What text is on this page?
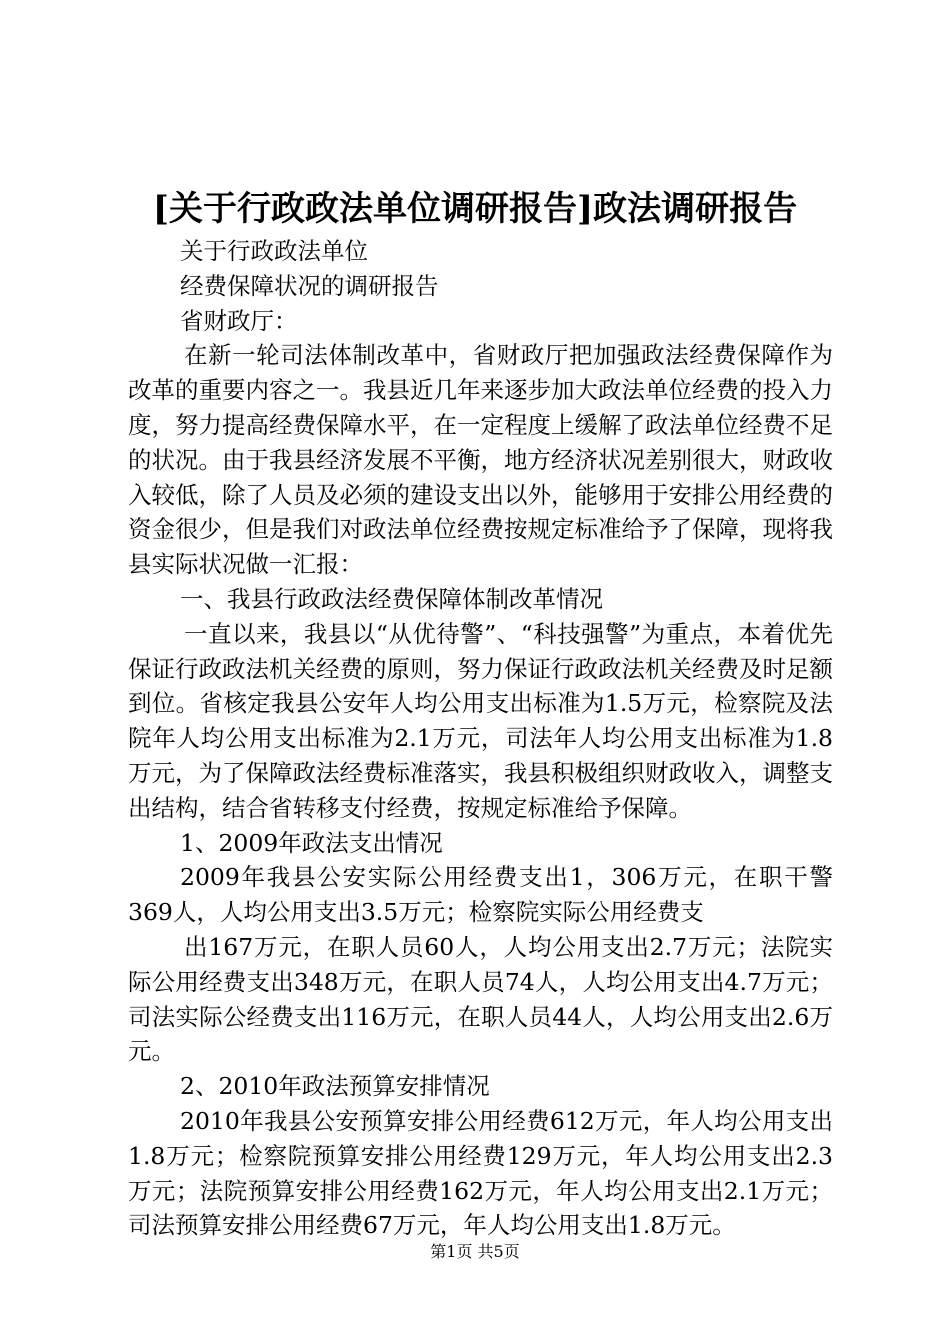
[关于行政政法单位调研报告]政法调研报告

关于行政政法单位

经费保障状况的调研报告

省财政厅：

在新一轮司法体制改革中，省财政厅把加强政法经费保障作为改革的重要内容之一。我县近几年来逐步加大政法单位经费的投入力度，努力提高经费保障水平，在一定程度上缓解了政法单位经费不足的状况。由于我县经济发展不平衡，地方经济状况差别很大，财政收入较低，除了人员及必须的建设支出以外，能够用于安排公用经费的资金很少，但是我们对政法单位经费按规定标准给予了保障，现将我县实际状况做一汇报：

一、我县行政政法经费保障体制改革情况

一直以来，我县以“从优待警”、“科技强警”为重点，本着优先保证行政政法机关经费的原则，努力保证行政政法机关经费及时足额到位。省核定我县公安年人均公用支出标准为1.5万元，检察院及法院年人均公用支出标准为2.1万元，司法年人均公用支出标准为1.8万元，为了保障政法经费标准落实，我县积极组织财政收入，调整支出结构，结合省转移支付经费，按规定标准给予保障。

1、2009年政法支出情况

2009年我县公安实际公用经费支出1，306万元，在职干警369人，人均公用支出3.5万元；检察院实际公用经费支

出167万元，在职人员60人，人均公用支出2.7万元；法院实际公用经费支出348万元，在职人员74人，人均公用支出4.7万元；司法实际公经费支出116万元，在职人员44人，人均公用支出2.6万元。

2、2010年政法预算安排情况

2010年我县公安预算安排公用经费612万元，年人均公用支出1.8万元；检察院预算安排公用经费129万元，年人均公用支出2.3万元；法院预算安排公用经费162万元，年人均公用支出2.1万元；司法预算安排公用经费67万元，年人均公用支出1.8万元。

第1页 共5页
